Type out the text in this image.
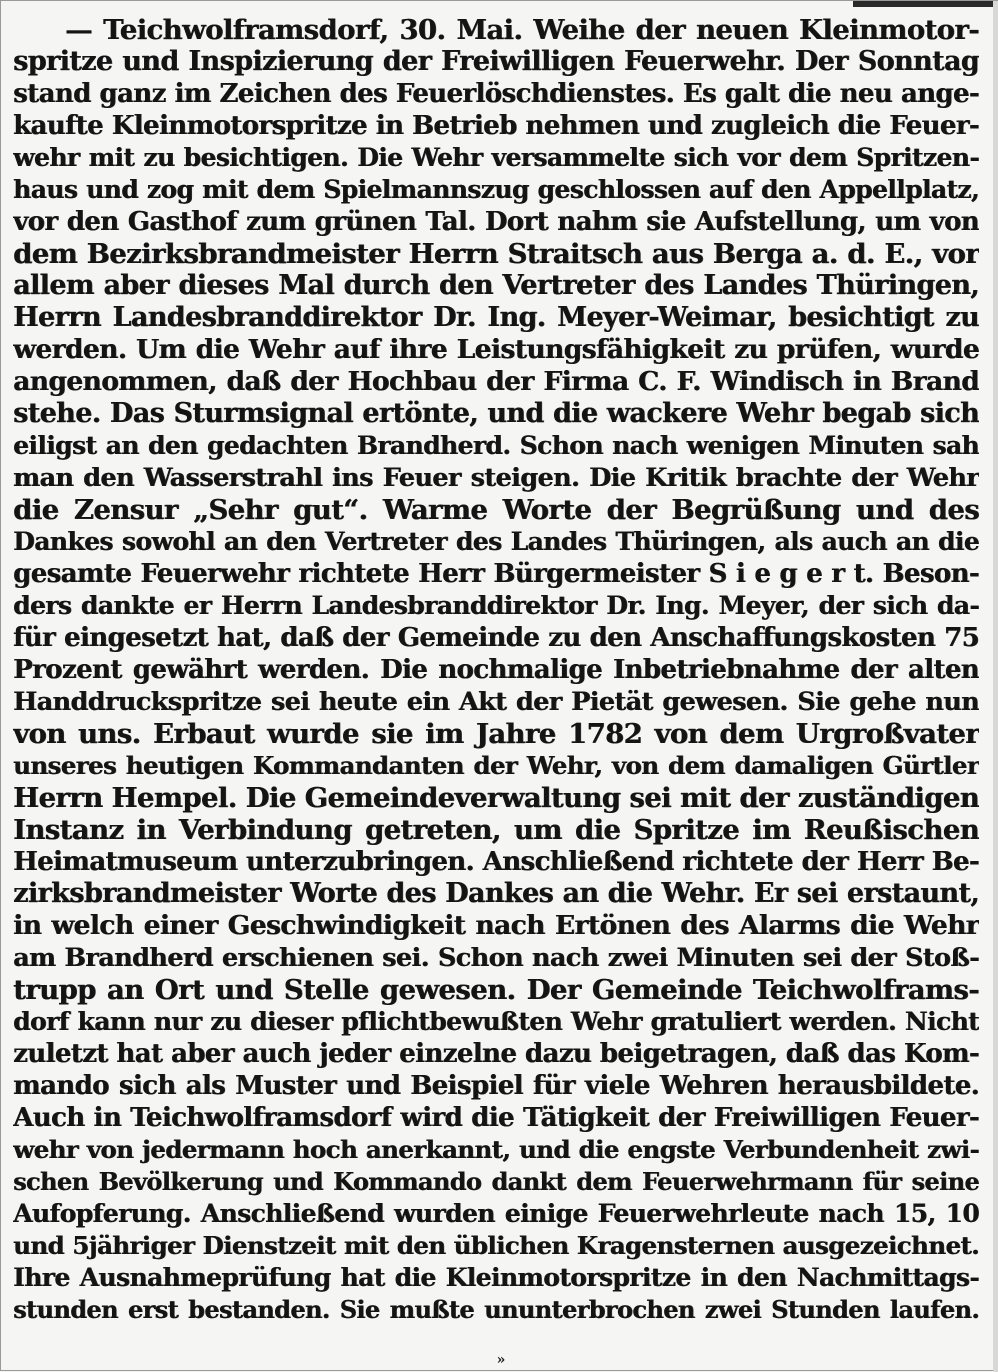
— Teichwolframsdorf, 30. Mai. Weihe der neuen Kleinmotor-
spritze und Inspizierung der Freiwilligen Feuerwehr. Der Sonntag
stand ganz im Zeichen des Feuerlöschdienstes. Es galt die neu ange-
kaufte Kleinmotorspritze in Betrieb nehmen und zugleich die Feuer-
wehr mit zu besichtigen. Die Wehr versammelte sich vor dem Spritzen-
haus und zog mit dem Spielmannszug geschlossen auf den Appellplatz,
vor den Gasthof zum grünen Tal. Dort nahm sie Aufstellung, um von
dem Bezirksbrandmeister Herrn Straitsch aus Berga a. d. E., vor
allem aber dieses Mal durch den Vertreter des Landes Thüringen,
Herrn Landesbranddirektor Dr. Ing. Meyer-Weimar, besichtigt zu
werden. Um die Wehr auf ihre Leistungsfähigkeit zu prüfen, wurde
angenommen, daß der Hochbau der Firma C. F. Windisch in Brand
stehe. Das Sturmsignal ertönte, und die wackere Wehr begab sich
eiligst an den gedachten Brandherd. Schon nach wenigen Minuten sah
man den Wasserstrahl ins Feuer steigen. Die Kritik brachte der Wehr
die Zensur „Sehr gut“. Warme Worte der Begrüßung und des
Dankes sowohl an den Vertreter des Landes Thüringen, als auch an die
gesamte Feuerwehr richtete Herr Bürgermeister S i e g e r t. Beson-
ders dankte er Herrn Landesbranddirektor Dr. Ing. Meyer, der sich da-
für eingesetzt hat, daß der Gemeinde zu den Anschaffungskosten 75
Prozent gewährt werden. Die nochmalige Inbetriebnahme der alten
Handdruckspritze sei heute ein Akt der Pietät gewesen. Sie gehe nun
von uns. Erbaut wurde sie im Jahre 1782 von dem Urgroßvater
unseres heutigen Kommandanten der Wehr, von dem damaligen Gürtler
Herrn Hempel. Die Gemeindeverwaltung sei mit der zuständigen
Instanz in Verbindung getreten, um die Spritze im Reußischen
Heimatmuseum unterzubringen. Anschließend richtete der Herr Be-
zirksbrandmeister Worte des Dankes an die Wehr. Er sei erstaunt,
in welch einer Geschwindigkeit nach Ertönen des Alarms die Wehr
am Brandherd erschienen sei. Schon nach zwei Minuten sei der Stoß-
trupp an Ort und Stelle gewesen. Der Gemeinde Teichwolframs-
dorf kann nur zu dieser pflichtbewußten Wehr gratuliert werden. Nicht
zuletzt hat aber auch jeder einzelne dazu beigetragen, daß das Kom-
mando sich als Muster und Beispiel für viele Wehren herausbildete.
Auch in Teichwolframsdorf wird die Tätigkeit der Freiwilligen Feuer-
wehr von jedermann hoch anerkannt, und die engste Verbundenheit zwi-
schen Bevölkerung und Kommando dankt dem Feuerwehrmann für seine
Aufopferung. Anschließend wurden einige Feuerwehrleute nach 15, 10
und 5jähriger Dienstzeit mit den üblichen Kragensternen ausgezeichnet.
Ihre Ausnahmeprüfung hat die Kleinmotorspritze in den Nachmittags-
stunden erst bestanden. Sie mußte ununterbrochen zwei Stunden laufen.
»
